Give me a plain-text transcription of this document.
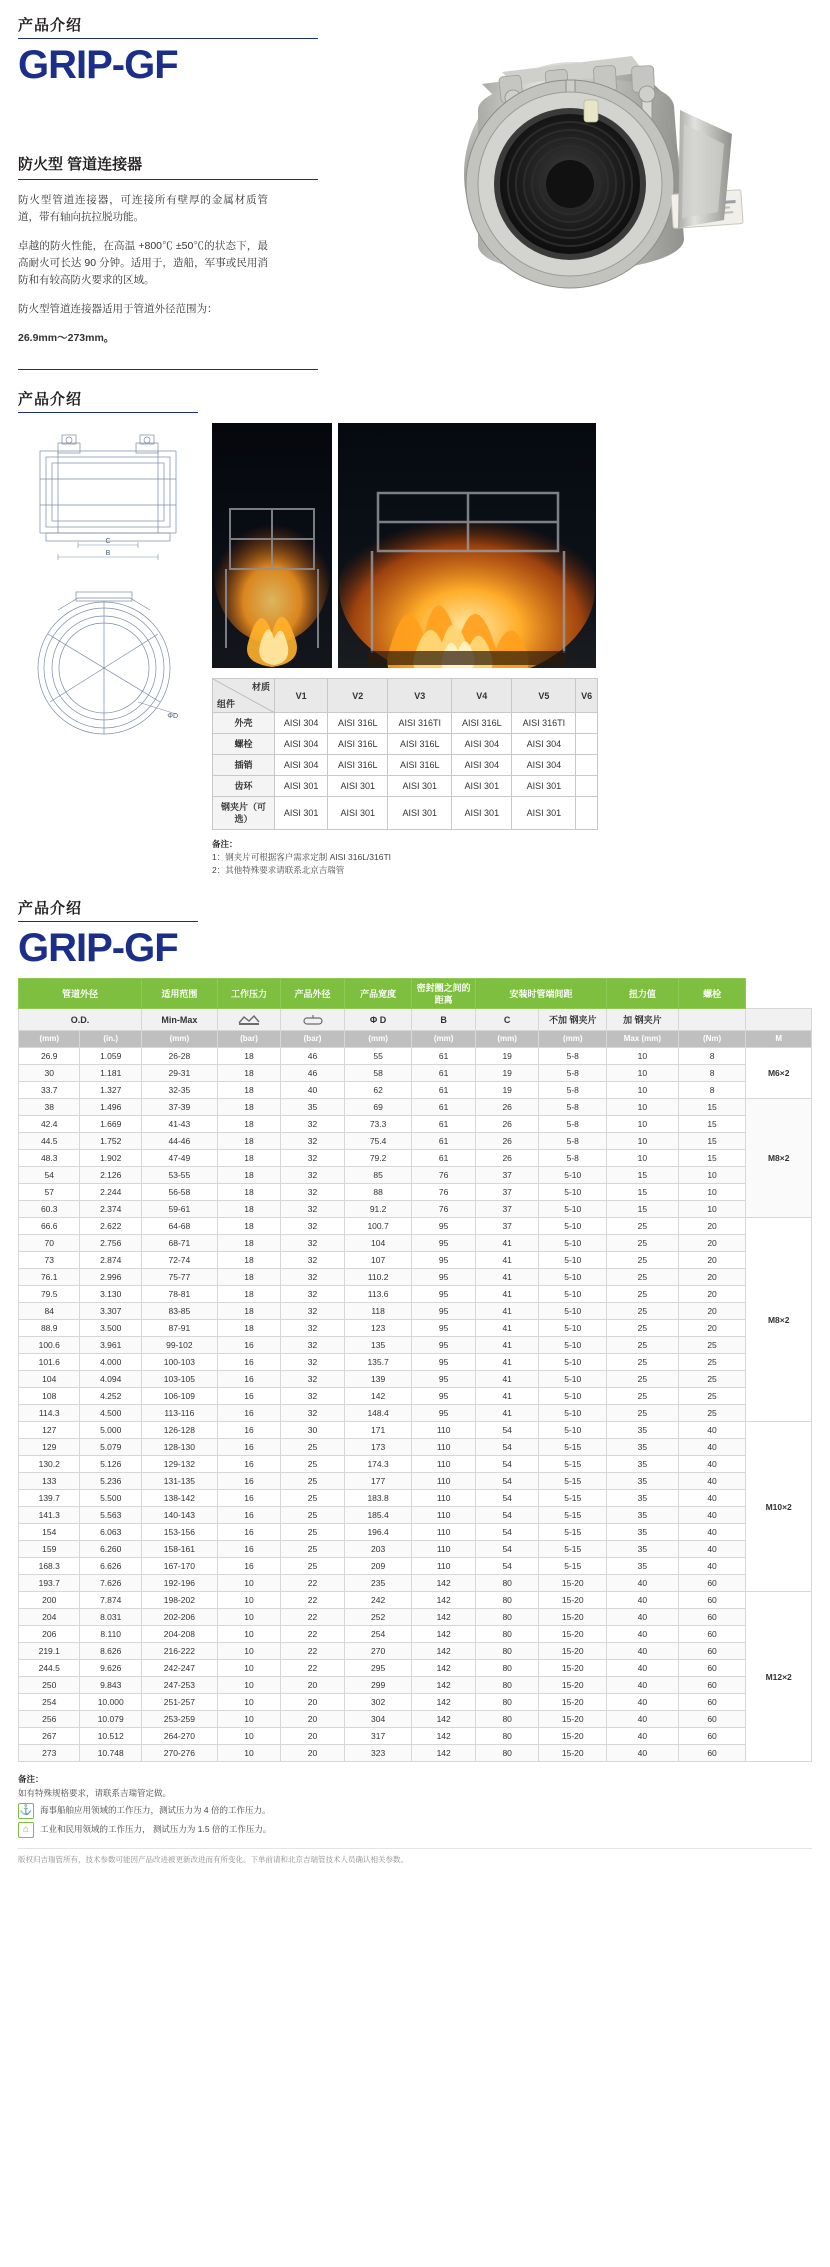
产品介绍
GRIP-GF
防火型 管道连接器
防火型管道连接器，可连接所有壁厚的金属材质管道，带有轴向抗拉脱功能。
卓越的防火性能，在高温 +800℃ ±50℃的状态下，最高耐火可长达 90 分钟。适用于，造船，军事或民用消防和有较高防火要求的区域。
防火型管道连接器适用于管道外径范围为：
26.9mm～273mm。
产品介绍
C
B

ΦD
材质
组件	V1	V2	V3	V4	V5	V6
外壳	AISI 304	AISI 316L	AISI 316TI	AISI 316L	AISI 316TI	
螺栓	AISI 304	AISI 316L	AISI 316L	AISI 304	AISI 304	
插销	AISI 304	AISI 316L	AISI 316L	AISI 304	AISI 304	
齿环	AISI 301	AISI 301	AISI 301	AISI 301	AISI 301	
钢夹片（可选）	AISI 301	AISI 301	AISI 301	AISI 301	AISI 301	
备注：
1：钢夹片可根据客户需求定制 AISI 316L/316TI
2：其他特殊要求请联系北京吉瑞管
产品介绍
GRIP-GF
管道外径		适用范围	工作压力	产品外径	产品宽度	密封圈之间的距离	安装时管端间距		扭力值	螺栓	
O.D.		Min-Max			Φ D	B	C	不加 钢夹片	加 钢夹片		
(mm)	(in.)	(mm)	(bar)	(bar)	(mm)	(mm)	(mm)	(mm)	Max (mm)	(Nm)	M
26.9	1.059	26-28	18	46	55	61	19	5-8	10	8	M6×2
30	1.181	29-31	18	46	58	61	19	5-8	10	8	
33.7	1.327	32-35	18	40	62	61	19	5-8	10	8	
38	1.496	37-39	18	35	69	61	26	5-8	10	15	M8×2
42.4	1.669	41-43	18	32	73.3	61	26	5-8	10	15	
44.5	1.752	44-46	18	32	75.4	61	26	5-8	10	15	
48.3	1.902	47-49	18	32	79.2	61	26	5-8	10	15	
54	2.126	53-55	18	32	85	76	37	5-10	15	10	
57	2.244	56-58	18	32	88	76	37	5-10	15	10	
60.3	2.374	59-61	18	32	91.2	76	37	5-10	15	10	
66.6	2.622	64-68	18	32	100.7	95	37	5-10	25	20	M8×2
70	2.756	68-71	18	32	104	95	41	5-10	25	20	
73	2.874	72-74	18	32	107	95	41	5-10	25	20	
76.1	2.996	75-77	18	32	110.2	95	41	5-10	25	20	
79.5	3.130	78-81	18	32	113.6	95	41	5-10	25	20	
84	3.307	83-85	18	32	118	95	41	5-10	25	20	
88.9	3.500	87-91	18	32	123	95	41	5-10	25	20	
100.6	3.961	99-102	16	32	135	95	41	5-10	25	25	
101.6	4.000	100-103	16	32	135.7	95	41	5-10	25	25	
104	4.094	103-105	16	32	139	95	41	5-10	25	25	
108	4.252	106-109	16	32	142	95	41	5-10	25	25	
114.3	4.500	113-116	16	32	148.4	95	41	5-10	25	25	
127	5.000	126-128	16	30	171	110	54	5-10	35	40	M10×2
129	5.079	128-130	16	25	173	110	54	5-15	35	40	
130.2	5.126	129-132	16	25	174.3	110	54	5-15	35	40	
133	5.236	131-135	16	25	177	110	54	5-15	35	40	
139.7	5.500	138-142	16	25	183.8	110	54	5-15	35	40	
141.3	5.563	140-143	16	25	185.4	110	54	5-15	35	40	
154	6.063	153-156	16	25	196.4	110	54	5-15	35	40	
159	6.260	158-161	16	25	203	110	54	5-15	35	40	
168.3	6.626	167-170	16	25	209	110	54	5-15	35	40	
193.7	7.626	192-196	10	22	235	142	80	15-20	40	60	
200	7.874	198-202	10	22	242	142	80	15-20	40	60	M12×2
204	8.031	202-206	10	22	252	142	80	15-20	40	60	
206	8.110	204-208	10	22	254	142	80	15-20	40	60	
219.1	8.626	216-222	10	22	270	142	80	15-20	40	60	
244.5	9.626	242-247	10	22	295	142	80	15-20	40	60	
250	9.843	247-253	10	20	299	142	80	15-20	40	60	
254	10.000	251-257	10	20	302	142	80	15-20	40	60	
256	10.079	253-259	10	20	304	142	80	15-20	40	60	
267	10.512	264-270	10	20	317	142	80	15-20	40	60	
273	10.748	270-276	10	20	323	142	80	15-20	40	60	
备注：
如有特殊规格要求，请联系吉瑞管定做。
⚓ 海事船舶应用领域的工作压力，测试压力为 4 倍的工作压力。
⌂	工业和民用领域的工作压力， 测试压力为 1.5 倍的工作压力。
版权归吉瑞管所有，技术参数可能因产品改进被更新改进而有所变化。下单前请和北京吉瑞管技术人员确认相关参数。
